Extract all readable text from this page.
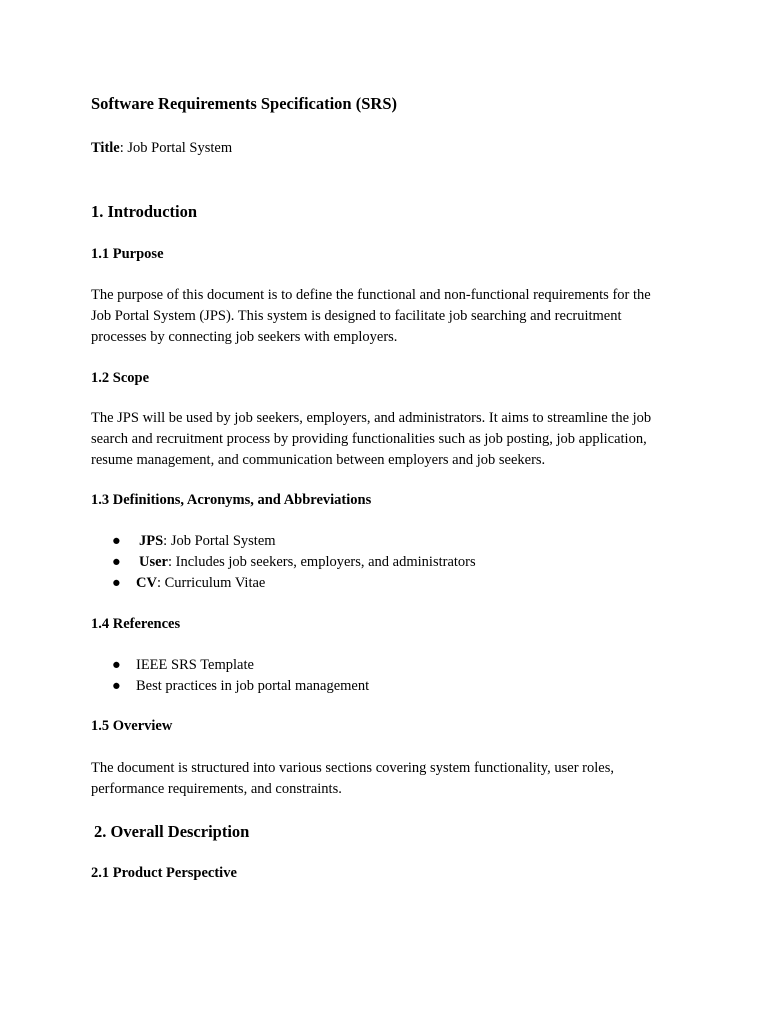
Software Requirements Specification (SRS)
Title: Job Portal System
1. Introduction
1.1 Purpose
The purpose of this document is to define the functional and non-functional requirements for the
Job Portal System (JPS). This system is designed to facilitate job searching and recruitment
processes by connecting job seekers with employers.
1.2 Scope
The JPS will be used by job seekers, employers, and administrators. It aims to streamline the job
search and recruitment process by providing functionalities such as job posting, job application,
resume management, and communication between employers and job seekers.
1.3 Definitions, Acronyms, and Abbreviations
● JPS: Job Portal System
● User: Includes job seekers, employers, and administrators
● CV: Curriculum Vitae
1.4 References
● IEEE SRS Template
● Best practices in job portal management
1.5 Overview
The document is structured into various sections covering system functionality, user roles,
performance requirements, and constraints.
2. Overall Description
2.1 Product Perspective
